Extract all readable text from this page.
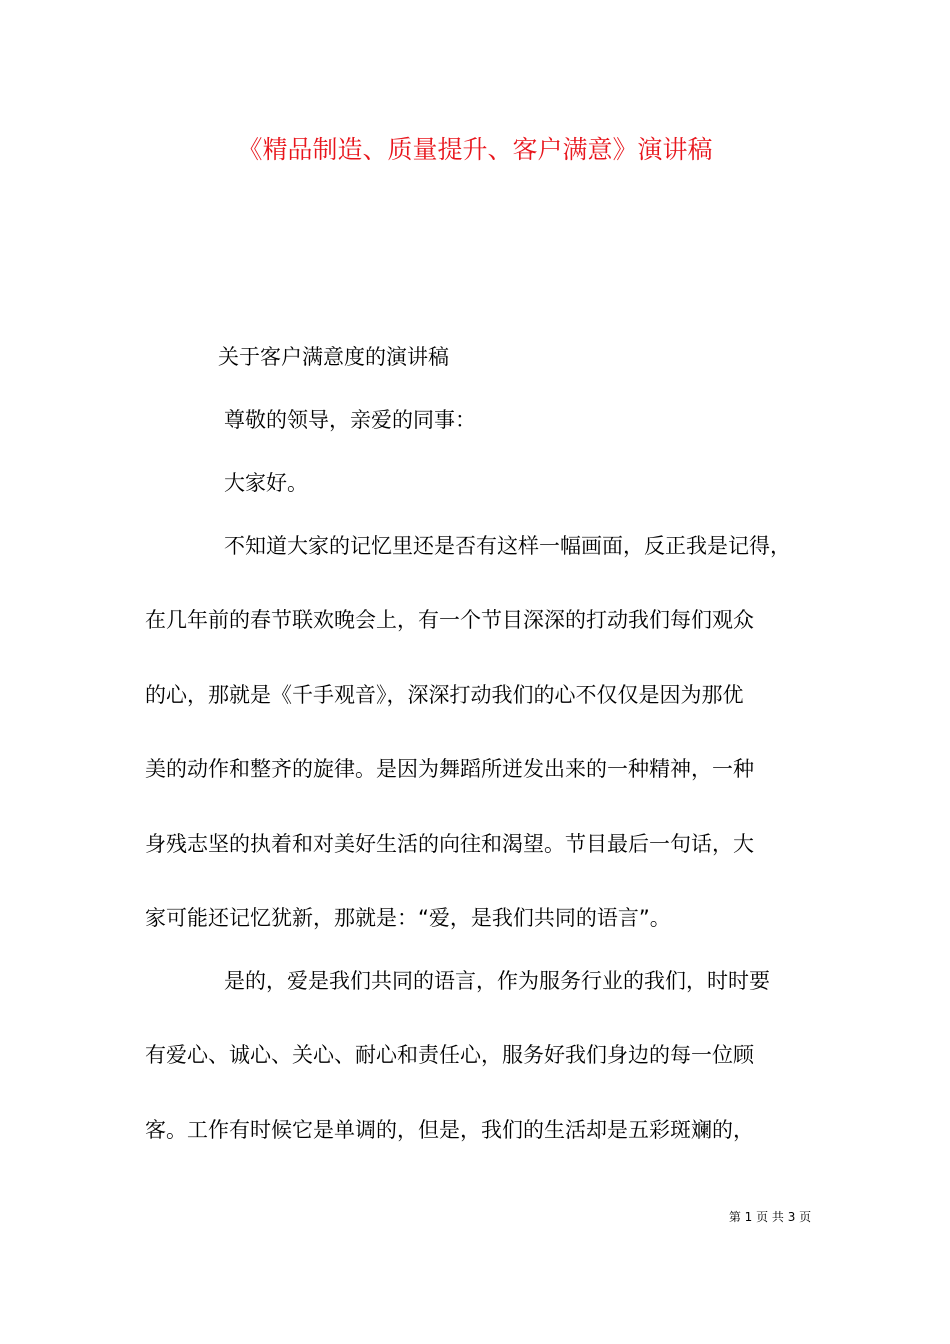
《精品制造、质量提升、客户满意》演讲稿
关于客户满意度的演讲稿
尊敬的领导，亲爱的同事：
大家好。
不知道大家的记忆里还是否有这样一幅画面，反正我是记得，
在几年前的春节联欢晚会上，有一个节目深深的打动我们每们观众
的心，那就是《千手观音》，深深打动我们的心不仅仅是因为那优
美的动作和整齐的旋律。是因为舞蹈所迸发出来的一种精神，一种
身残志坚的执着和对美好生活的向往和渴望。节目最后一句话，大
家可能还记忆犹新，那就是：“爱，是我们共同的语言”。
是的，爱是我们共同的语言，作为服务行业的我们，时时要
有爱心、诚心、关心、耐心和责任心，服务好我们身边的每一位顾
客。工作有时候它是单调的，但是，我们的生活却是五彩斑斓的，
第 1 页 共 3 页
